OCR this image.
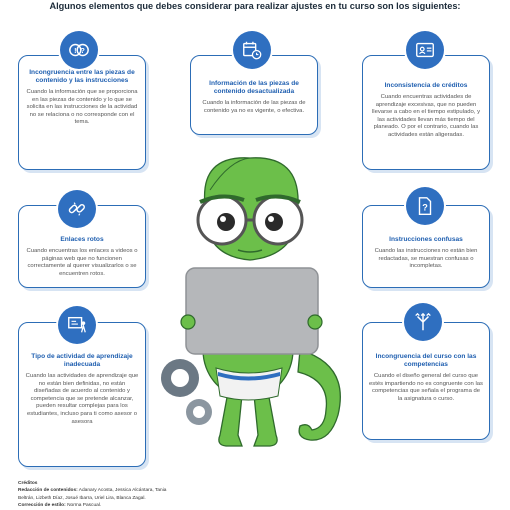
Algunos elementos que debes considerar para realizar ajustes en tu curso son los siguientes:
Incongruencia entre las piezas de contenido y las instrucciones

Cuando la información que se proporciona en las piezas de contenido y lo que se solicita en las instrucciones de la actividad no se relaciona o no corresponde con el tema.

! ?
Información de las piezas de contenido desactualizada

Cuando la información de las piezas de contenido ya no es vigente, o efectiva.

Inconsistencia de créditos

Cuando encuentras actividades de aprendizaje excesivas, que no pueden llevarse a cabo en el tiempo estipulado, y las actividades llevan más tiempo del planeado. O por el contrario, cuando las actividades están aligeradas.

Enlaces rotos

Cuando encuentras los enlaces a videos o páginas web que no funcionen correctamente al querer visualizarlos o se encuentren rotos.

Instrucciones confusas

Cuando las instrucciones no están bien redactadas, se muestran confusas o incompletas.

?
Tipo de actividad de aprendizaje inadecuada

Cuando las actividades de aprendizaje que no están bien definidas, no están diseñadas de acuerdo al contenido y competencia que se pretende alcanzar, pueden resultar complejas para los estudiantes, incluso para ti como asesor o asesora

Incongruencia del curso con las competencias

Cuando el diseño general del curso que estés impartiendo no es congruente con las competencias que señala el programa de la asignatura o curso.

Créditos
Redacción de contenidos: Adanary Acosta, Jessica Alcántara, Tania
Beltrán, Lizbeth Díaz, Josué Ibarra, Uriel Lira, Blanca Zagal.
Corrección de estilo: Norma Pascual.
